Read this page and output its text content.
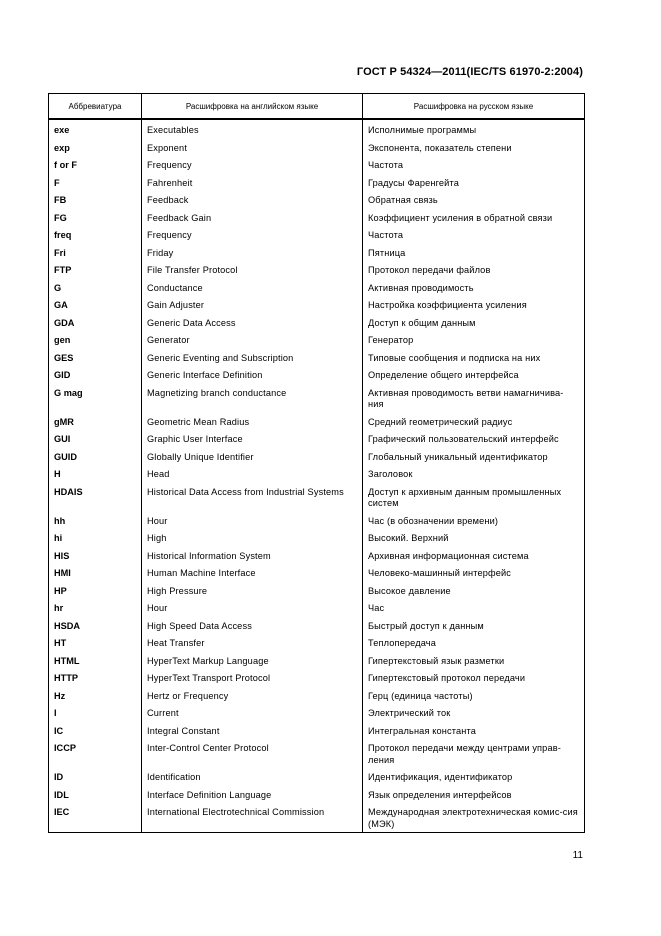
ГОСТ Р 54324—2011(IEC/TS 61970-2:2004)
Аббревиатура	Расшифровка на английском языке	Расшифровка на русском языке
exe	Executables	Исполнимые программы
exp	Exponent	Экспонента, показатель степени
f or F	Frequency	Частота
F	Fahrenheit	Градусы Фаренгейта
FB	Feedback	Обратная связь
FG	Feedback Gain	Коэффициент усиления в обратной связи
freq	Frequency	Частота
Fri	Friday	Пятница
FTP	File Transfer Protocol	Протокол передачи файлов
G	Conductance	Активная проводимость
GA	Gain Adjuster	Настройка коэффициента усиления
GDA	Generic Data Access	Доступ к общим данным
gen	Generator	Генератор
GES	Generic Eventing and Subscription	Типовые сообщения и подписка на них
GID	Generic Interface Definition	Определение общего интерфейса
G mag	Magnetizing branch conductance	Активная проводимость ветви намагничива-ния
gMR	Geometric Mean Radius	Средний геометрический радиус
GUI	Graphic User Interface	Графический пользовательский интерфейс
GUID	Globally Unique Identifier	Глобальный уникальный идентификатор
H	Head	Заголовок
HDAIS	Historical Data Access from Industrial Systems	Доступ к архивным данным промышленных систем
hh	Hour	Час (в обозначении времени)
hi	High	Высокий. Верхний
HIS	Historical Information System	Архивная информационная система
HMI	Human Machine Interface	Человеко-машинный интерфейс
HP	High Pressure	Высокое давление
hr	Hour	Час
HSDA	High Speed Data Access	Быстрый доступ к данным
HT	Heat Transfer	Теплопередача
HTML	HyperText Markup Language	Гипертекстовый язык разметки
HTTP	HyperText Transport Protocol	Гипертекстовый протокол передачи
Hz	Hertz or Frequency	Герц (единица частоты)
I	Current	Электрический ток
IC	Integral Constant	Интегральная константа
ICCP	Inter-Control Center Protocol	Протокол передачи между центрами управ-ления
ID	Identification	Идентификация, идентификатор
IDL	Interface Definition Language	Язык определения интерфейсов
IEC	International Electrotechnical Commission	Международная электротехническая комис-сия (МЭК)
11
